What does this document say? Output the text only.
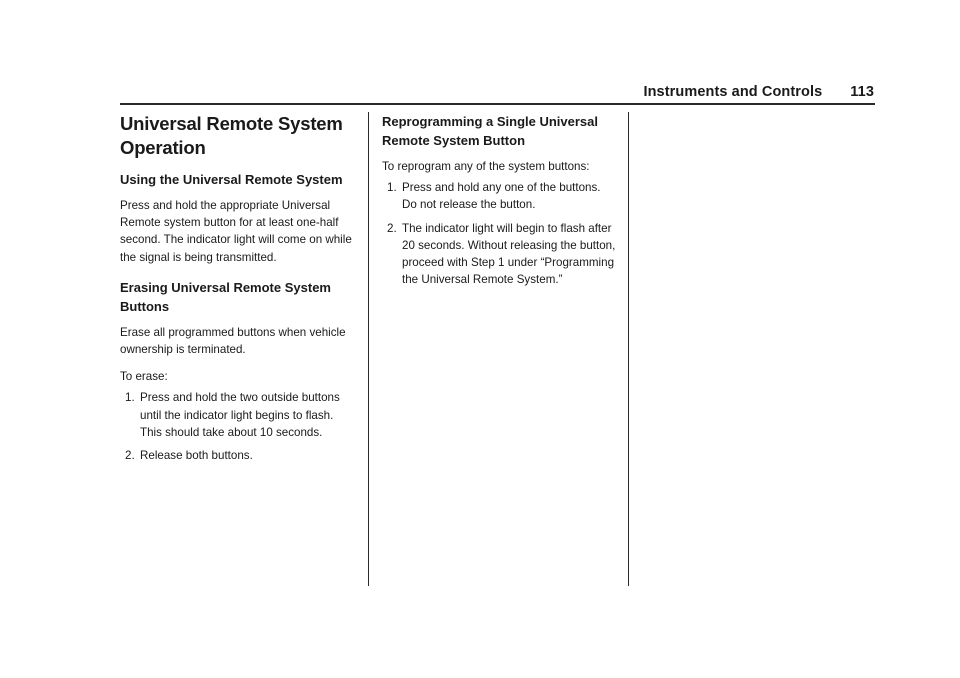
Instruments and Controls 113
Universal Remote System Operation
Using the Universal Remote System

Press and hold the appropriate Universal Remote system button for at least one-half second. The indicator light will come on while the signal is being transmitted.

Erasing Universal Remote System Buttons

Erase all programmed buttons when vehicle ownership is terminated.

To erase:

1. Press and hold the two outside buttons until the indicator light begins to flash. This should take about 10 seconds.
2. Release both buttons.
Reprogramming a Single Universal Remote System Button

To reprogram any of the system buttons:

1. Press and hold any one of the buttons. Do not release the button.
2. The indicator light will begin to flash after 20 seconds. Without releasing the button, proceed with Step 1 under “Programming the Universal Remote System.”
